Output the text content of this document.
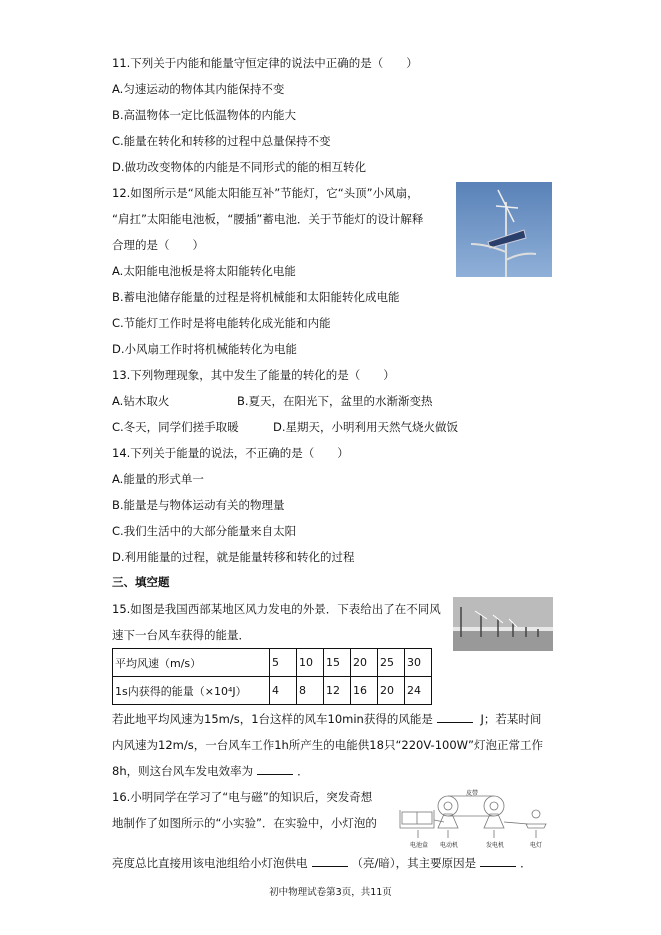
11.下列关于内能和能量守恒定律的说法中正确的是（　　）
A.匀速运动的物体其内能保持不变
B.高温物体一定比低温物体的内能大
C.能量在转化和转移的过程中总量保持不变
D.做功改变物体的内能是不同形式的能的相互转化
12.如图所示是“风能太阳能互补”节能灯，它“头顶”小风扇，
“肩扛”太阳能电池板，“腰插”蓄电池．关于节能灯的设计解释
合理的是（　　）
A.太阳能电池板是将太阳能转化电能
B.蓄电池储存能量的过程是将机械能和太阳能转化成电能
C.节能灯工作时是将电能转化成光能和内能
D.小风扇工作时将机械能转化为电能
13.下列物理现象，其中发生了能量的转化的是（　　）
A.钻木取火	B.夏天，在阳光下，盆里的水渐渐变热
C.冬天，同学们搓手取暖	D.星期天，小明利用天然气烧火做饭
14.下列关于能量的说法，不正确的是（　　）
A.能量的形式单一
B.能量是与物体运动有关的物理量
C.我们生活中的大部分能量来自太阳
D.利用能量的过程，就是能量转移和转化的过程
三、填空题
15.如图是我国西部某地区风力发电的外景．下表给出了在不同风
速下一台风车获得的能量．
平均风速（m/s）	5	10	15	20	25	30
1s内获得的能量（×10⁴J）	4	8	12	16	20	24
若此地平均风速为15m/s，1台这样的风车10min获得的风能是	J；若某时间
内风速为12m/s，一台风车工作1h所产生的电能供18只“220V-100W”灯泡正常工作
8h，则这台风车发电效率为	．
16.小明同学在学习了“电与磁”的知识后，突发奇想
地制作了如图所示的“小实验”．在实验中，小灯泡的
亮度总比直接用该电池组给小灯泡供电	（亮/暗），其主要原因是	．
皮带
电池盒 电动机	发电机	电灯
初中物理试卷第3页，共11页
